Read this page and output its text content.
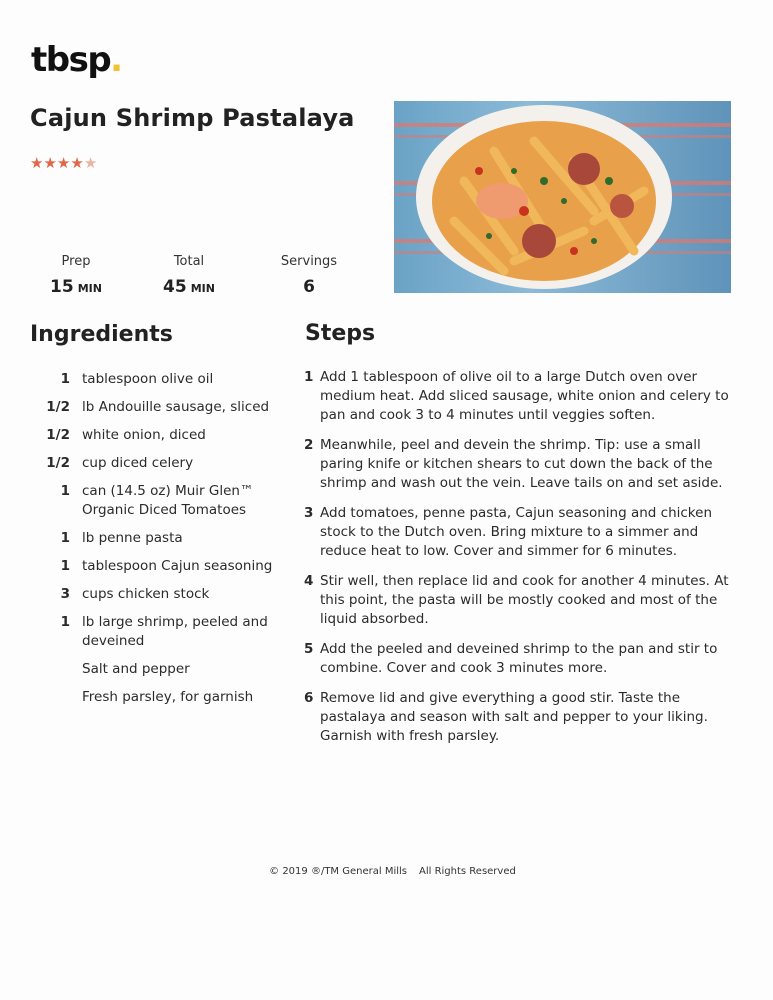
tbsp.
Cajun Shrimp Pastalaya
★★★★★
Prep
15 MIN
Total
45 MIN
Servings
6
Ingredients	Steps
1 tablespoon olive oil
1/2 lb Andouille sausage, sliced
1/2 white onion, diced
1/2 cup diced celery
1 can (14.5 oz) Muir Glen™ Organic Diced Tomatoes
1 lb penne pasta
1 tablespoon Cajun seasoning
3 cups chicken stock
1 lb large shrimp, peeled and deveined
Salt and pepper
Fresh parsley, for garnish
1 Add 1 tablespoon of olive oil to a large Dutch oven over medium heat. Add sliced sausage, white onion and celery to pan and cook 3 to 4 minutes until veggies soften.
2 Meanwhile, peel and devein the shrimp. Tip: use a small paring knife or kitchen shears to cut down the back of the shrimp and wash out the vein. Leave tails on and set aside.
3 Add tomatoes, penne pasta, Cajun seasoning and chicken stock to the Dutch oven. Bring mixture to a simmer and reduce heat to low. Cover and simmer for 6 minutes.
4 Stir well, then replace lid and cook for another 4 minutes. At this point, the pasta will be mostly cooked and most of the liquid absorbed.
5 Add the peeled and deveined shrimp to the pan and stir to combine. Cover and cook 3 minutes more.
6 Remove lid and give everything a good stir. Taste the pastalaya and season with salt and pepper to your liking. Garnish with fresh parsley.
© 2019 ®/TM General Mills All Rights Reserved
